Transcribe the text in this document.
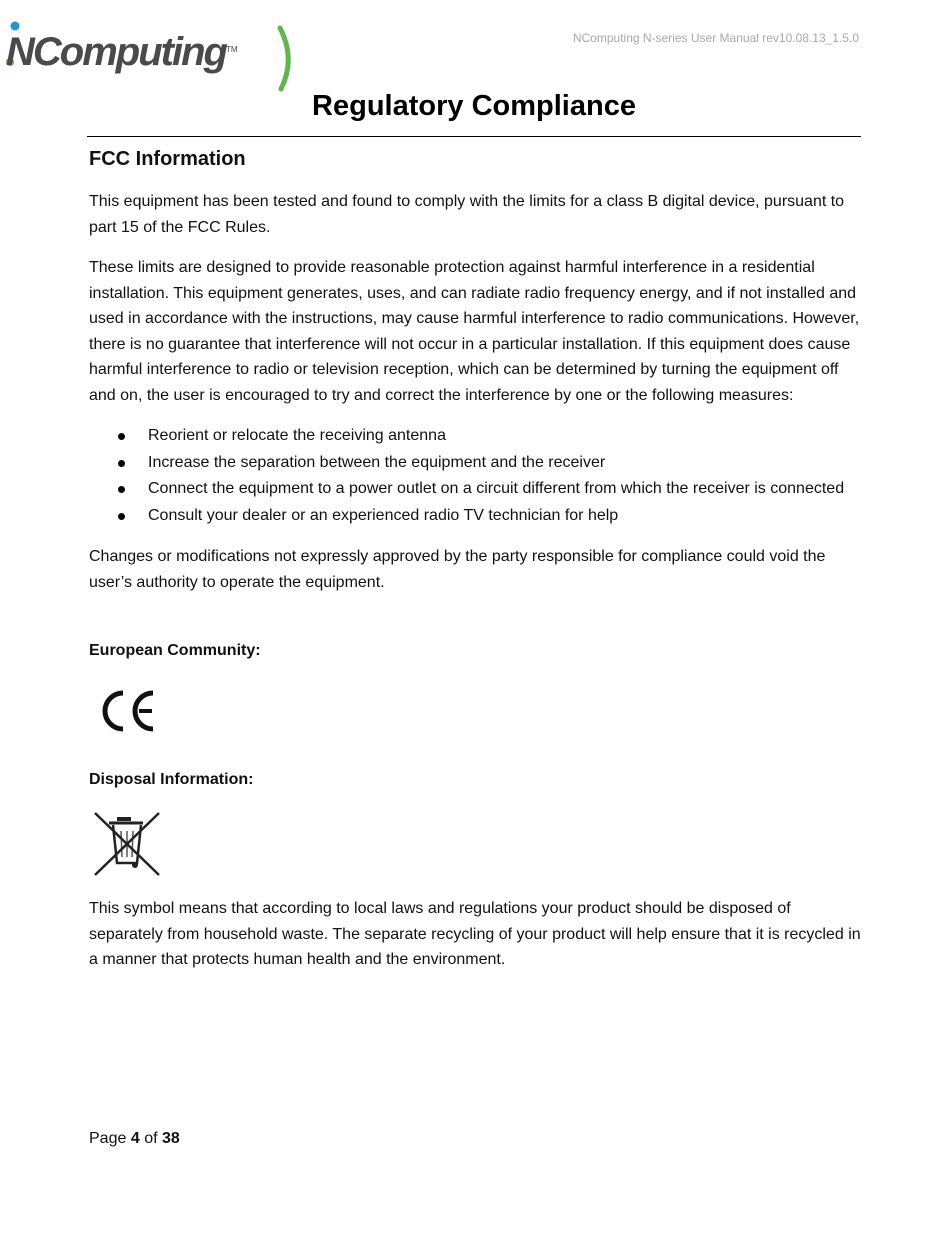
NComputing TM
NComputing N-series User Manual rev10.08.13_1.5.0
Regulatory Compliance
FCC Information

This equipment has been tested and found to comply with the limits for a class B digital device, pursuant to part 15 of the FCC Rules.

These limits are designed to provide reasonable protection against harmful interference in a residential installation. This equipment generates, uses, and can radiate radio frequency energy, and if not installed and used in accordance with the instructions, may cause harmful interference to radio communications. However, there is no guarantee that interference will not occur in a particular installation. If this equipment does cause harmful interference to radio or television reception, which can be determined by turning the equipment off and on, the user is encouraged to try and correct the interference by one or the following measures:

Reorient or relocate the receiving antenna
Increase the separation between the equipment and the receiver
Connect the equipment to a power outlet on a circuit different from which the receiver is connected
Consult your dealer or an experienced radio TV technician for help

Changes or modifications not expressly approved by the party responsible for compliance could void the user’s authority to operate the equipment.

European Community:
Disposal Information:

This symbol means that according to local laws and regulations your product should be disposed of separately from household waste. The separate recycling of your product will help ensure that it is recycled in a manner that protects human health and the environment.

Page 4 of 38
